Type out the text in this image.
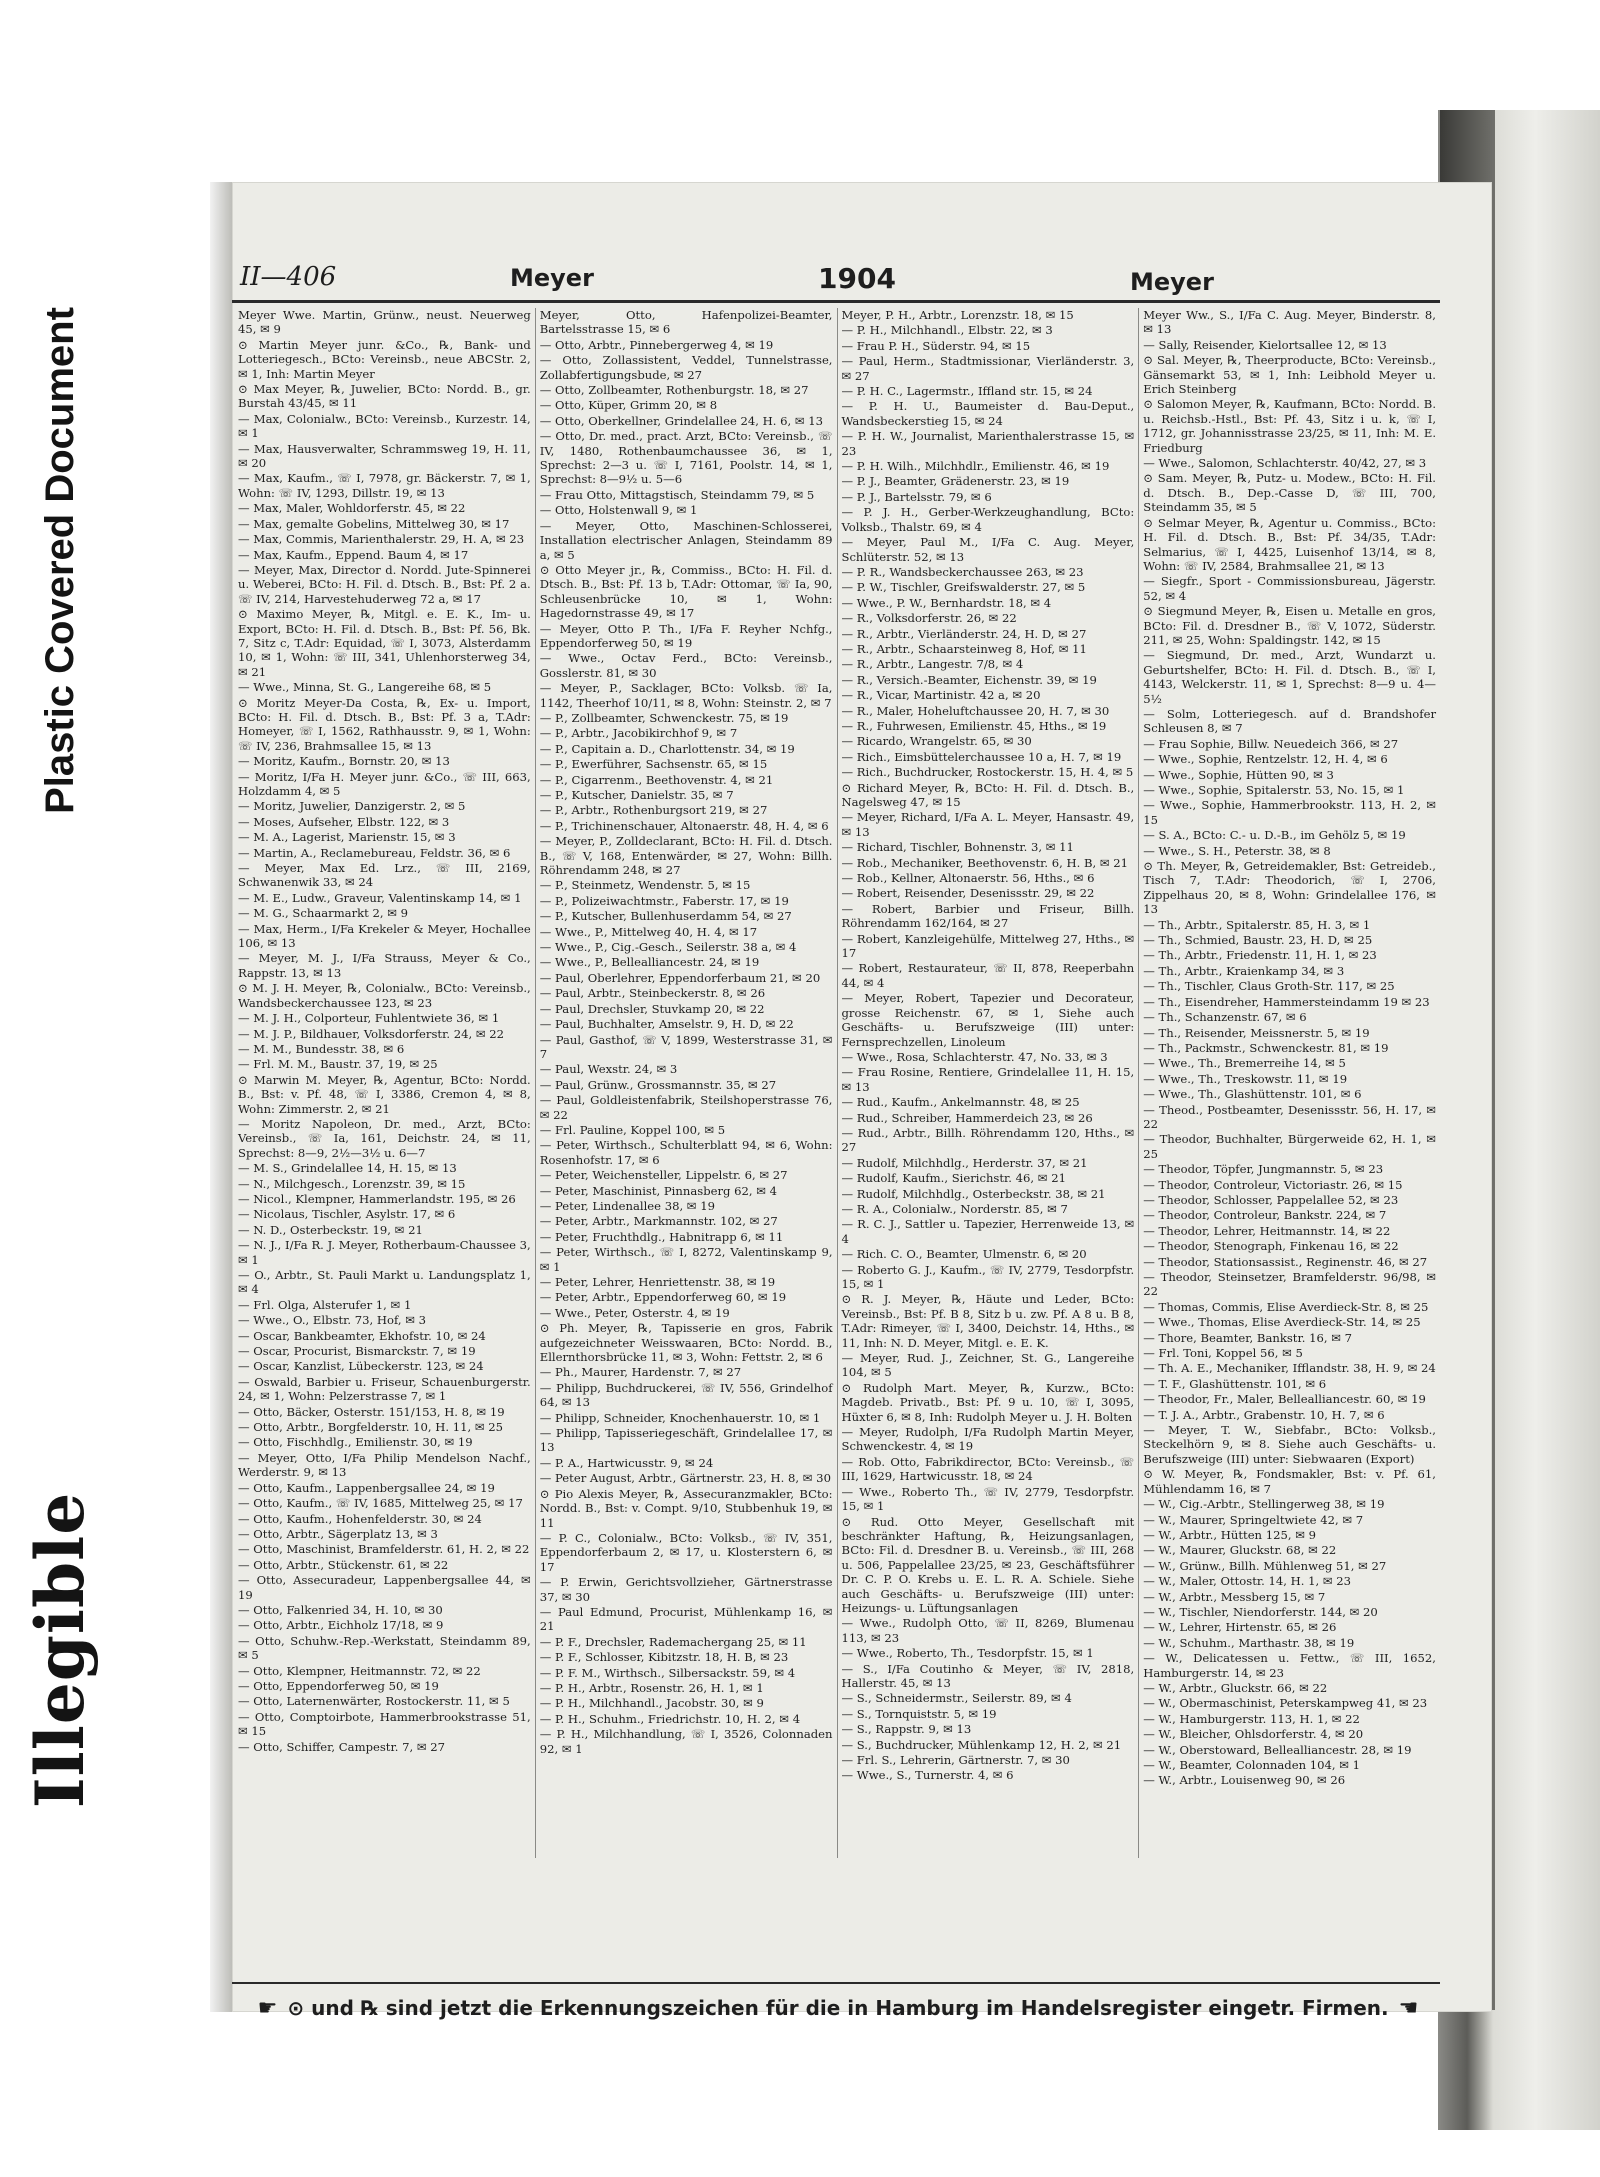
Plastic Covered Document
Illegible
II—406	Meyer	1904	Meyer

Meyer Wwe. Martin, Grünw., neust. Neuerweg 45, ✉ 9

⊙ Martin Meyer junr. &Co., ℞, Bank- und Lotteriegesch., BCto: Vereinsb., neue ABCStr. 2, ✉ 1, Inh: Martin Meyer

⊙ Max Meyer, ℞, Juwelier, BCto: Nordd. B., gr. Burstah 43/45, ✉ 11

— Max, Colonialw., BCto: Vereinsb., Kurzestr. 14, ✉ 1

— Max, Hausverwalter, Schrammsweg 19, H. 11, ✉ 20

— Max, Kaufm., ☏ I, 7978, gr. Bäckerstr. 7, ✉ 1, Wohn: ☏ IV, 1293, Dillstr. 19, ✉ 13

— Max, Maler, Wohldorferstr. 45, ✉ 22

— Max, gemalte Gobelins, Mittelweg 30, ✉ 17

— Max, Commis, Marienthalerstr. 29, H. A, ✉ 23

— Max, Kaufm., Eppend. Baum 4, ✉ 17

— Meyer, Max, Director d. Nordd. Jute-Spinnerei u. Weberei, BCto: H. Fil. d. Dtsch. B., Bst: Pf. 2 a. ☏ IV, 214, Harvestehuderweg 72 a, ✉ 17

⊙ Maximo Meyer, ℞, Mitgl. e. E. K., Im- u. Export, BCto: H. Fil. d. Dtsch. B., Bst: Pf. 56, Bk. 7, Sitz c, T.Adr: Equidad, ☏ I, 3073, Alsterdamm 10, ✉ 1, Wohn: ☏ III, 341, Uhlenhorsterweg 34, ✉ 21

— Wwe., Minna, St. G., Langereihe 68, ✉ 5

⊙ Moritz Meyer-Da Costa, ℞, Ex- u. Import, BCto: H. Fil. d. Dtsch. B., Bst: Pf. 3 a, T.Adr: Homeyer, ☏ I, 1562, Rathhausstr. 9, ✉ 1, Wohn: ☏ IV, 236, Brahmsallee 15, ✉ 13

— Moritz, Kaufm., Bornstr. 20, ✉ 13

— Moritz, I/Fa H. Meyer junr. &Co., ☏ III, 663, Holzdamm 4, ✉ 5

— Moritz, Juwelier, Danzigerstr. 2, ✉ 5

— Moses, Aufseher, Elbstr. 122, ✉ 3

— M. A., Lagerist, Marienstr. 15, ✉ 3

— Martin, A., Reclamebureau, Feldstr. 36, ✉ 6

— Meyer, Max Ed. Lrz., ☏ III, 2169, Schwanenwik 33, ✉ 24

— M. E., Ludw., Graveur, Valentinskamp 14, ✉ 1

— M. G., Schaarmarkt 2, ✉ 9

— Max, Herm., I/Fa Krekeler & Meyer, Hochallee 106, ✉ 13

— Meyer, M. J., I/Fa Strauss, Meyer & Co., Rappstr. 13, ✉ 13

⊙ M. J. H. Meyer, ℞, Colonialw., BCto: Vereinsb., Wandsbeckerchaussee 123, ✉ 23

— M. J. H., Colporteur, Fuhlentwiete 36, ✉ 1

— M. J. P., Bildhauer, Volksdorferstr. 24, ✉ 22

— M. M., Bundesstr. 38, ✉ 6

— Frl. M. M., Baustr. 37, 19, ✉ 25

⊙ Marwin M. Meyer, ℞, Agentur, BCto: Nordd. B., Bst: v. Pf. 48, ☏ I, 3386, Cremon 4, ✉ 8, Wohn: Zimmerstr. 2, ✉ 21

— Moritz Napoleon, Dr. med., Arzt, BCto: Vereinsb., ☏ Ia, 161, Deichstr. 24, ✉ 11, Sprechst: 8—9, 2½—3½ u. 6—7

— M. S., Grindelallee 14, H. 15, ✉ 13

— N., Milchgesch., Lorenzstr. 39, ✉ 15

— Nicol., Klempner, Hammerlandstr. 195, ✉ 26

— Nicolaus, Tischler, Asylstr. 17, ✉ 6

— N. D., Osterbeckstr. 19, ✉ 21

— N. J., I/Fa R. J. Meyer, Rotherbaum-Chaussee 3, ✉ 1

— O., Arbtr., St. Pauli Markt u. Landungsplatz 1, ✉ 4

— Frl. Olga, Alsterufer 1, ✉ 1

— Wwe., O., Elbstr. 73, Hof, ✉ 3

— Oscar, Bankbeamter, Ekhofstr. 10, ✉ 24

— Oscar, Procurist, Bismarckstr. 7, ✉ 19

— Oscar, Kanzlist, Lübeckerstr. 123, ✉ 24

— Oswald, Barbier u. Friseur, Schauenburgerstr. 24, ✉ 1, Wohn: Pelzerstrasse 7, ✉ 1

— Otto, Bäcker, Osterstr. 151/153, H. 8, ✉ 19

— Otto, Arbtr., Borgfelderstr. 10, H. 11, ✉ 25

— Otto, Fischhdlg., Emilienstr. 30, ✉ 19

— Meyer, Otto, I/Fa Philip Mendelson Nachf., Werderstr. 9, ✉ 13

— Otto, Kaufm., Lappenbergsallee 24, ✉ 19

— Otto, Kaufm., ☏ IV, 1685, Mittelweg 25, ✉ 17

— Otto, Kaufm., Hohenfelderstr. 30, ✉ 24

— Otto, Arbtr., Sägerplatz 13, ✉ 3

— Otto, Maschinist, Bramfelderstr. 61, H. 2, ✉ 22

— Otto, Arbtr., Stückenstr. 61, ✉ 22

— Otto, Assecuradeur, Lappenbergsallee 44, ✉ 19

— Otto, Falkenried 34, H. 10, ✉ 30

— Otto, Arbtr., Eichholz 17/18, ✉ 9

— Otto, Schuhw.-Rep.-Werkstatt, Steindamm 89, ✉ 5

— Otto, Klempner, Heitmannstr. 72, ✉ 22

— Otto, Eppendorferweg 50, ✉ 19

— Otto, Laternenwärter, Rostockerstr. 11, ✉ 5

— Otto, Comptoirbote, Hammerbrookstrasse 51, ✉ 15

— Otto, Schiffer, Campestr. 7, ✉ 27

Meyer, Otto, Hafenpolizei-Beamter, Bartelsstrasse 15, ✉ 6

— Otto, Arbtr., Pinnebergerweg 4, ✉ 19

— Otto, Zollassistent, Veddel, Tunnelstrasse, Zollabfertigungsbude, ✉ 27

— Otto, Zollbeamter, Rothenburgstr. 18, ✉ 27

— Otto, Küper, Grimm 20, ✉ 8

— Otto, Oberkellner, Grindelallee 24, H. 6, ✉ 13

— Otto, Dr. med., pract. Arzt, BCto: Vereinsb., ☏ IV, 1480, Rothenbaumchaussee 36, ✉ 1, Sprechst: 2—3 u. ☏ I, 7161, Poolstr. 14, ✉ 1, Sprechst: 8—9½ u. 5—6

— Frau Otto, Mittagstisch, Steindamm 79, ✉ 5

— Otto, Holstenwall 9, ✉ 1

— Meyer, Otto, Maschinen-Schlosserei, Installation electrischer Anlagen, Steindamm 89 a, ✉ 5

⊙ Otto Meyer jr., ℞, Commiss., BCto: H. Fil. d. Dtsch. B., Bst: Pf. 13 b, T.Adr: Ottomar, ☏ Ia, 90, Schleusenbrücke 10, ✉ 1, Wohn: Hagedornstrasse 49, ✉ 17

— Meyer, Otto P. Th., I/Fa F. Reyher Nchfg., Eppendorferweg 50, ✉ 19

— Wwe., Octav Ferd., BCto: Vereinsb., Gosslerstr. 81, ✉ 30

— Meyer, P., Sacklager, BCto: Volksb. ☏ Ia, 1142, Theerhof 10/11, ✉ 8, Wohn: Steinstr. 2, ✉ 7

— P., Zollbeamter, Schwenckestr. 75, ✉ 19

— P., Arbtr., Jacobikirchhof 9, ✉ 7

— P., Capitain a. D., Charlottenstr. 34, ✉ 19

— P., Ewerführer, Sachsenstr. 65, ✉ 15

— P., Cigarrenm., Beethovenstr. 4, ✉ 21

— P., Kutscher, Danielstr. 35, ✉ 7

— P., Arbtr., Rothenburgsort 219, ✉ 27

— P., Trichinenschauer, Altonaerstr. 48, H. 4, ✉ 6

— Meyer, P., Zolldeclarant, BCto: H. Fil. d. Dtsch. B., ☏ V, 168, Entenwärder, ✉ 27, Wohn: Billh. Röhrendamm 248, ✉ 27

— P., Steinmetz, Wendenstr. 5, ✉ 15

— P., Polizeiwachtmstr., Faberstr. 17, ✉ 19

— P., Kutscher, Bullenhuserdamm 54, ✉ 27

— Wwe., P., Mittelweg 40, H. 4, ✉ 17

— Wwe., P., Cig.-Gesch., Seilerstr. 38 a, ✉ 4

— Wwe., P., Bellealliancestr. 24, ✉ 19

— Paul, Oberlehrer, Eppendorferbaum 21, ✉ 20

— Paul, Arbtr., Steinbeckerstr. 8, ✉ 26

— Paul, Drechsler, Stuvkamp 20, ✉ 22

— Paul, Buchhalter, Amselstr. 9, H. D, ✉ 22

— Paul, Gasthof, ☏ V, 1899, Westerstrasse 31, ✉ 7

— Paul, Wexstr. 24, ✉ 3

— Paul, Grünw., Grossmannstr. 35, ✉ 27

— Paul, Goldleistenfabrik, Steilshoperstrasse 76, ✉ 22

— Frl. Pauline, Koppel 100, ✉ 5

— Peter, Wirthsch., Schulterblatt 94, ✉ 6, Wohn: Rosenhofstr. 17, ✉ 6

— Peter, Weichensteller, Lippelstr. 6, ✉ 27

— Peter, Maschinist, Pinnasberg 62, ✉ 4

— Peter, Lindenallee 38, ✉ 19

— Peter, Arbtr., Markmannstr. 102, ✉ 27

— Peter, Fruchthdlg., Habnitrapp 6, ✉ 11

— Peter, Wirthsch., ☏ I, 8272, Valentinskamp 9, ✉ 1

— Peter, Lehrer, Henriettenstr. 38, ✉ 19

— Peter, Arbtr., Eppendorferweg 60, ✉ 19

— Wwe., Peter, Osterstr. 4, ✉ 19

⊙ Ph. Meyer, ℞, Tapisserie en gros, Fabrik aufgezeichneter Weisswaaren, BCto: Nordd. B., Ellernthorsbrücke 11, ✉ 3, Wohn: Fettstr. 2, ✉ 6

— Ph., Maurer, Hardenstr. 7, ✉ 27

— Philipp, Buchdruckerei, ☏ IV, 556, Grindelhof 64, ✉ 13

— Philipp, Schneider, Knochenhauerstr. 10, ✉ 1

— Philipp, Tapisseriegeschäft, Grindelallee 17, ✉ 13

— P. A., Hartwicusstr. 9, ✉ 24

— Peter August, Arbtr., Gärtnerstr. 23, H. 8, ✉ 30

⊙ Pio Alexis Meyer, ℞, Assecuranzmakler, BCto: Nordd. B., Bst: v. Compt. 9/10, Stubbenhuk 19, ✉ 11

— P. C., Colonialw., BCto: Volksb., ☏ IV, 351, Eppendorferbaum 2, ✉ 17, u. Klosterstern 6, ✉ 17

— P. Erwin, Gerichtsvollzieher, Gärtnerstrasse 37, ✉ 30

— Paul Edmund, Procurist, Mühlenkamp 16, ✉ 21

— P. F., Drechsler, Rademachergang 25, ✉ 11

— P. F., Schlosser, Kibitzstr. 18, H. B, ✉ 23

— P. F. M., Wirthsch., Silbersackstr. 59, ✉ 4

— P. H., Arbtr., Rosenstr. 26, H. 1, ✉ 1

— P. H., Milchhandl., Jacobstr. 30, ✉ 9

— P. H., Schuhm., Friedrichstr. 10, H. 2, ✉ 4

— P. H., Milchhandlung, ☏ I, 3526, Colonnaden 92, ✉ 1

Meyer, P. H., Arbtr., Lorenzstr. 18, ✉ 15

— P. H., Milchhandl., Elbstr. 22, ✉ 3

— Frau P. H., Süderstr. 94, ✉ 15

— Paul, Herm., Stadtmissionar, Vierländerstr. 3, ✉ 27

— P. H. C., Lagermstr., Iffland str. 15, ✉ 24

— P. H. U., Baumeister d. Bau-Deput., Wandsbeckerstieg 15, ✉ 24

— P. H. W., Journalist, Marienthalerstrasse 15, ✉ 23

— P. H. Wilh., Milchhdlr., Emilienstr. 46, ✉ 19

— P. J., Beamter, Grädenerstr. 23, ✉ 19

— P. J., Bartelsstr. 79, ✉ 6

— P. J. H., Gerber-Werkzeughandlung, BCto: Volksb., Thalstr. 69, ✉ 4

— Meyer, Paul M., I/Fa C. Aug. Meyer, Schlüterstr. 52, ✉ 13

— P. R., Wandsbeckerchaussee 263, ✉ 23

— P. W., Tischler, Greifswalderstr. 27, ✉ 5

— Wwe., P. W., Bernhardstr. 18, ✉ 4

— R., Volksdorferstr. 26, ✉ 22

— R., Arbtr., Vierländerstr. 24, H. D, ✉ 27

— R., Arbtr., Schaarsteinweg 8, Hof, ✉ 11

— R., Arbtr., Langestr. 7/8, ✉ 4

— R., Versich.-Beamter, Eichenstr. 39, ✉ 19

— R., Vicar, Martinistr. 42 a, ✉ 20

— R., Maler, Hoheluftchaussee 20, H. 7, ✉ 30

— R., Fuhrwesen, Emilienstr. 45, Hths., ✉ 19

— Ricardo, Wrangelstr. 65, ✉ 30

— Rich., Eimsbüttelerchaussee 10 a, H. 7, ✉ 19

— Rich., Buchdrucker, Rostockerstr. 15, H. 4, ✉ 5

⊙ Richard Meyer, ℞, BCto: H. Fil. d. Dtsch. B., Nagelsweg 47, ✉ 15

— Meyer, Richard, I/Fa A. L. Meyer, Hansastr. 49, ✉ 13

— Richard, Tischler, Bohnenstr. 3, ✉ 11

— Rob., Mechaniker, Beethovenstr. 6, H. B, ✉ 21

— Rob., Kellner, Altonaerstr. 56, Hths., ✉ 6

— Robert, Reisender, Desenissstr. 29, ✉ 22

— Robert, Barbier und Friseur, Billh. Röhrendamm 162/164, ✉ 27

— Robert, Kanzleigehülfe, Mittelweg 27, Hths., ✉ 17

— Robert, Restaurateur, ☏ II, 878, Reeperbahn 44, ✉ 4

— Meyer, Robert, Tapezier und Decorateur, grosse Reichenstr. 67, ✉ 1, Siehe auch Geschäfts- u. Berufszweige (III) unter: Fernsprechzellen, Linoleum

— Wwe., Rosa, Schlachterstr. 47, No. 33, ✉ 3

— Frau Rosine, Rentiere, Grindelallee 11, H. 15, ✉ 13

— Rud., Kaufm., Ankelmannstr. 48, ✉ 25

— Rud., Schreiber, Hammerdeich 23, ✉ 26

— Rud., Arbtr., Billh. Röhrendamm 120, Hths., ✉ 27

— Rudolf, Milchhdlg., Herderstr. 37, ✉ 21

— Rudolf, Kaufm., Sierichstr. 46, ✉ 21

— Rudolf, Milchhdlg., Osterbeckstr. 38, ✉ 21

— R. A., Colonialw., Norderstr. 85, ✉ 7

— R. C. J., Sattler u. Tapezier, Herrenweide 13, ✉ 4

— Rich. C. O., Beamter, Ulmenstr. 6, ✉ 20

— Roberto G. J., Kaufm., ☏ IV, 2779, Tesdorpfstr. 15, ✉ 1

⊙ R. J. Meyer, ℞, Häute und Leder, BCto: Vereinsb., Bst: Pf. B 8, Sitz b u. zw. Pf. A 8 u. B 8, T.Adr: Rimeyer, ☏ I, 3400, Deichstr. 14, Hths., ✉ 11, Inh: N. D. Meyer, Mitgl. e. E. K.

— Meyer, Rud. J., Zeichner, St. G., Langereihe 104, ✉ 5

⊙ Rudolph Mart. Meyer, ℞, Kurzw., BCto: Magdeb. Privatb., Bst: Pf. 9 u. 10, ☏ I, 3095, Hüxter 6, ✉ 8, Inh: Rudolph Meyer u. J. H. Bolten

— Meyer, Rudolph, I/Fa Rudolph Martin Meyer, Schwenckestr. 4, ✉ 19

— Rob. Otto, Fabrikdirector, BCto: Vereinsb., ☏ III, 1629, Hartwicusstr. 18, ✉ 24

— Wwe., Roberto Th., ☏ IV, 2779, Tesdorpfstr. 15, ✉ 1

⊙ Rud. Otto Meyer, Gesellschaft mit beschränkter Haftung, ℞, Heizungsanlagen, BCto: Fil. d. Dresdner B. u. Vereinsb., ☏ III, 268 u. 506, Pappelallee 23/25, ✉ 23, Geschäftsführer Dr. C. P. O. Krebs u. E. L. R. A. Schiele. Siehe auch Geschäfts- u. Berufszweige (III) unter: Heizungs- u. Lüftungsanlagen

— Wwe., Rudolph Otto, ☏ II, 8269, Blumenau 113, ✉ 23

— Wwe., Roberto, Th., Tesdorpfstr. 15, ✉ 1

— S., I/Fa Coutinho & Meyer, ☏ IV, 2818, Hallerstr. 45, ✉ 13

— S., Schneidermstr., Seilerstr. 89, ✉ 4

— S., Tornquiststr. 5, ✉ 19

— S., Rappstr. 9, ✉ 13

— S., Buchdrucker, Mühlenkamp 12, H. 2, ✉ 21

— Frl. S., Lehrerin, Gärtnerstr. 7, ✉ 30

— Wwe., S., Turnerstr. 4, ✉ 6

Meyer Ww., S., I/Fa C. Aug. Meyer, Binderstr. 8, ✉ 13

— Sally, Reisender, Kielortsallee 12, ✉ 13

⊙ Sal. Meyer, ℞, Theerproducte, BCto: Vereinsb., Gänsemarkt 53, ✉ 1, Inh: Leibhold Meyer u. Erich Steinberg

⊙ Salomon Meyer, ℞, Kaufmann, BCto: Nordd. B. u. Reichsb.-Hstl., Bst: Pf. 43, Sitz i u. k, ☏ I, 1712, gr. Johannisstrasse 23/25, ✉ 11, Inh: M. E. Friedburg

— Wwe., Salomon, Schlachterstr. 40/42, 27, ✉ 3

⊙ Sam. Meyer, ℞, Putz- u. Modew., BCto: H. Fil. d. Dtsch. B., Dep.-Casse D, ☏ III, 700, Steindamm 35, ✉ 5

⊙ Selmar Meyer, ℞, Agentur u. Commiss., BCto: H. Fil. d. Dtsch. B., Bst: Pf. 34/35, T.Adr: Selmarius, ☏ I, 4425, Luisenhof 13/14, ✉ 8, Wohn: ☏ IV, 2584, Brahmsallee 21, ✉ 13

— Siegfr., Sport - Commissionsbureau, Jägerstr. 52, ✉ 4

⊙ Siegmund Meyer, ℞, Eisen u. Metalle en gros, BCto: Fil. d. Dresdner B., ☏ V, 1072, Süderstr. 211, ✉ 25, Wohn: Spaldingstr. 142, ✉ 15

— Siegmund, Dr. med., Arzt, Wundarzt u. Geburtshelfer, BCto: H. Fil. d. Dtsch. B., ☏ I, 4143, Welckerstr. 11, ✉ 1, Sprechst: 8—9 u. 4—5½

— Solm, Lotteriegesch. auf d. Brandshofer Schleusen 8, ✉ 7

— Frau Sophie, Billw. Neuedeich 366, ✉ 27

— Wwe., Sophie, Rentzelstr. 12, H. 4, ✉ 6

— Wwe., Sophie, Hütten 90, ✉ 3

— Wwe., Sophie, Spitalerstr. 53, No. 15, ✉ 1

— Wwe., Sophie, Hammerbrookstr. 113, H. 2, ✉ 15

— S. A., BCto: C.- u. D.-B., im Gehölz 5, ✉ 19

— Wwe., S. H., Peterstr. 38, ✉ 8

⊙ Th. Meyer, ℞, Getreidemakler, Bst: Getreideb., Tisch 7, T.Adr: Theodorich, ☏ I, 2706, Zippelhaus 20, ✉ 8, Wohn: Grindelallee 176, ✉ 13

— Th., Arbtr., Spitalerstr. 85, H. 3, ✉ 1

— Th., Schmied, Baustr. 23, H. D, ✉ 25

— Th., Arbtr., Friedenstr. 11, H. 1, ✉ 23

— Th., Arbtr., Kraienkamp 34, ✉ 3

— Th., Tischler, Claus Groth-Str. 117, ✉ 25

— Th., Eisendreher, Hammersteindamm 19 ✉ 23

— Th., Schanzenstr. 67, ✉ 6

— Th., Reisender, Meissnerstr. 5, ✉ 19

— Th., Packmstr., Schwenckestr. 81, ✉ 19

— Wwe., Th., Bremerreihe 14, ✉ 5

— Wwe., Th., Treskowstr. 11, ✉ 19

— Wwe., Th., Glashüttenstr. 101, ✉ 6

— Theod., Postbeamter, Desenissstr. 56, H. 17, ✉ 22

— Theodor, Buchhalter, Bürgerweide 62, H. 1, ✉ 25

— Theodor, Töpfer, Jungmannstr. 5, ✉ 23

— Theodor, Controleur, Victoriastr. 26, ✉ 15

— Theodor, Schlosser, Pappelallee 52, ✉ 23

— Theodor, Controleur, Bankstr. 224, ✉ 7

— Theodor, Lehrer, Heitmannstr. 14, ✉ 22

— Theodor, Stenograph, Finkenau 16, ✉ 22

— Theodor, Stationsassist., Reginenstr. 46, ✉ 27

— Theodor, Steinsetzer, Bramfelderstr. 96/98, ✉ 22

— Thomas, Commis, Elise Averdieck-Str. 8, ✉ 25

— Wwe., Thomas, Elise Averdieck-Str. 14, ✉ 25

— Thore, Beamter, Bankstr. 16, ✉ 7

— Frl. Toni, Koppel 56, ✉ 5

— Th. A. E., Mechaniker, Ifflandstr. 38, H. 9, ✉ 24

— T. F., Glashüttenstr. 101, ✉ 6

— Theodor, Fr., Maler, Bellealliancestr. 60, ✉ 19

— T. J. A., Arbtr., Grabenstr. 10, H. 7, ✉ 6

— Meyer, T. W., Siebfabr., BCto: Volksb., Steckelhörn 9, ✉ 8. Siehe auch Geschäfts- u. Berufszweige (III) unter: Siebwaaren (Export)

⊙ W. Meyer, ℞, Fondsmakler, Bst: v. Pf. 61, Mühlendamm 16, ✉ 7

— W., Cig.-Arbtr., Stellingerweg 38, ✉ 19

— W., Maurer, Springeltwiete 42, ✉ 7

— W., Arbtr., Hütten 125, ✉ 9

— W., Maurer, Gluckstr. 68, ✉ 22

— W., Grünw., Billh. Mühlenweg 51, ✉ 27

— W., Maler, Ottostr. 14, H. 1, ✉ 23

— W., Arbtr., Messberg 15, ✉ 7

— W., Tischler, Niendorferstr. 144, ✉ 20

— W., Lehrer, Hirtenstr. 65, ✉ 26

— W., Schuhm., Marthastr. 38, ✉ 19

— W., Delicatessen u. Fettw., ☏ III, 1652, Hamburgerstr. 14, ✉ 23

— W., Arbtr., Gluckstr. 66, ✉ 22

— W., Obermaschinist, Peterskampweg 41, ✉ 23

— W., Hamburgerstr. 113, H. 1, ✉ 22

— W., Bleicher, Ohlsdorferstr. 4, ✉ 20

— W., Oberstoward, Bellealliancestr. 28, ✉ 19

— W., Beamter, Colonnaden 104, ✉ 1

— W., Arbtr., Louisenweg 90, ✉ 26

☛ ⊙ und ℞ sind jetzt die Erkennungszeichen für die in Hamburg im Handelsregister eingetr. Firmen. ☚
